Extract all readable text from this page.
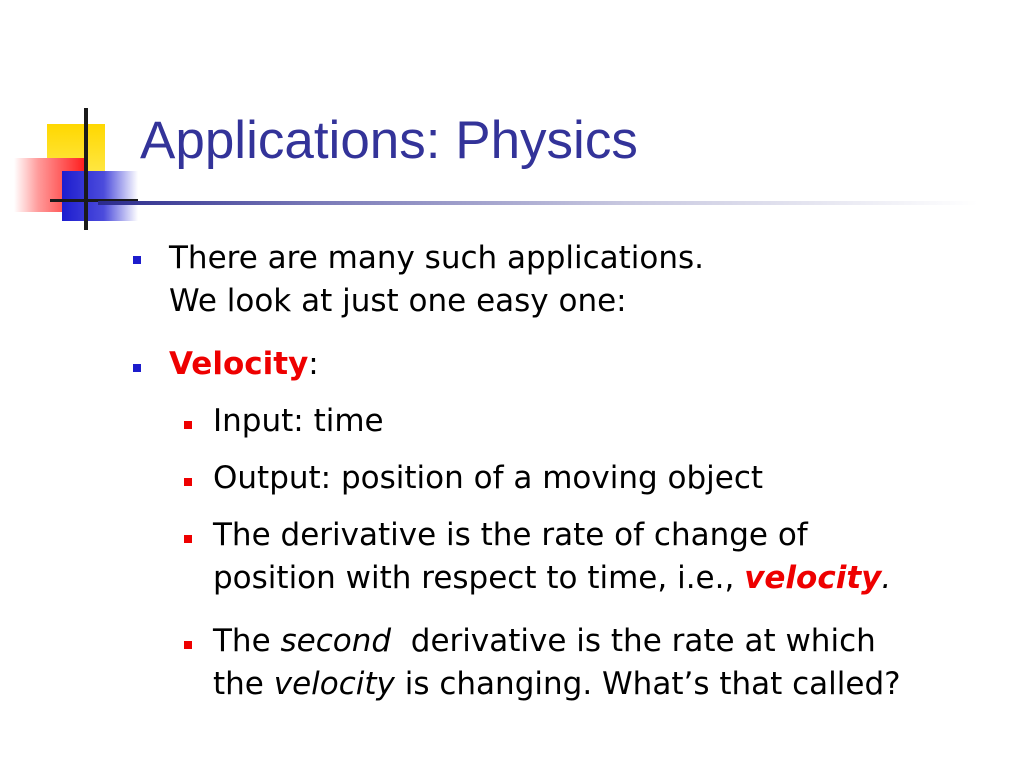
Applications: Physics
There are many such applications.
We look at just one easy one:
Velocity:
Input: time
Output: position of a moving object
The derivative is the rate of change of
position with respect to time, i.e., velocity.
The second  derivative is the rate at which
the velocity is changing. What’s that called?
